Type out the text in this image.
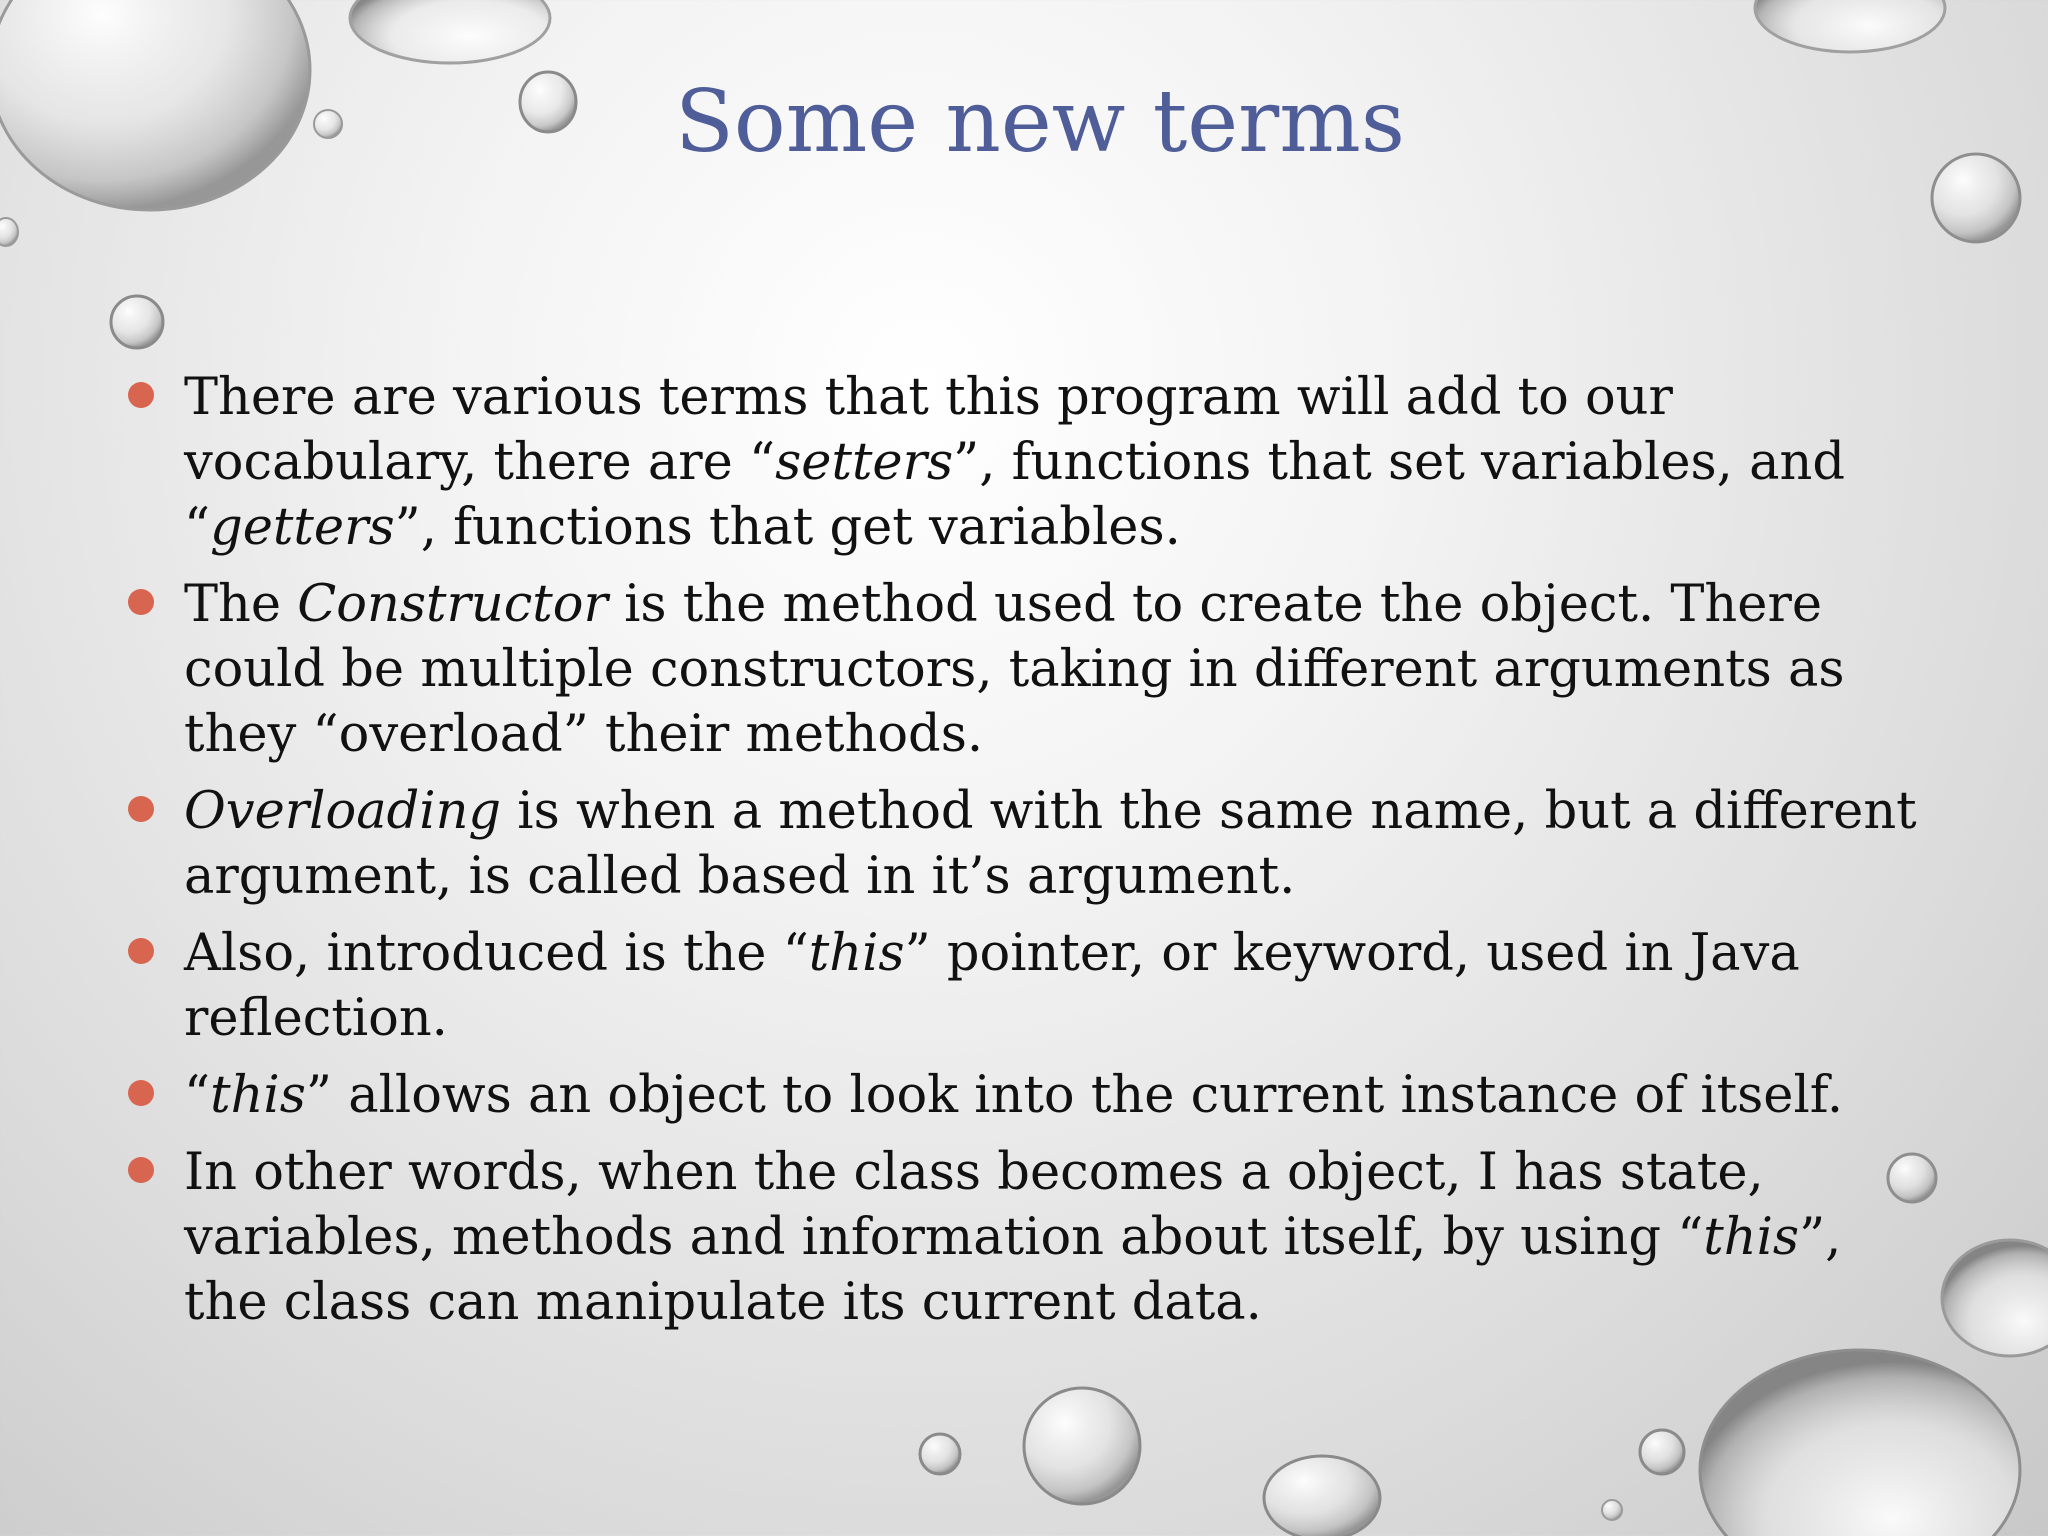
Some new terms
There are various terms that this program will add to our vocabulary, there are “setters”, functions that set variables, and “getters”, functions that get variables.
The Constructor is the method used to create the object. There could be multiple constructors, taking in different arguments as they “overload” their methods.
Overloading is when a method with the same name, but a different argument, is called based in it’s argument.
Also, introduced is the “this” pointer, or keyword, used in Java reflection.
“this” allows an object to look into the current instance of itself.
In other words, when the class becomes a object, I has state, variables, methods and information about itself, by using “this”, the class can manipulate its current data.
